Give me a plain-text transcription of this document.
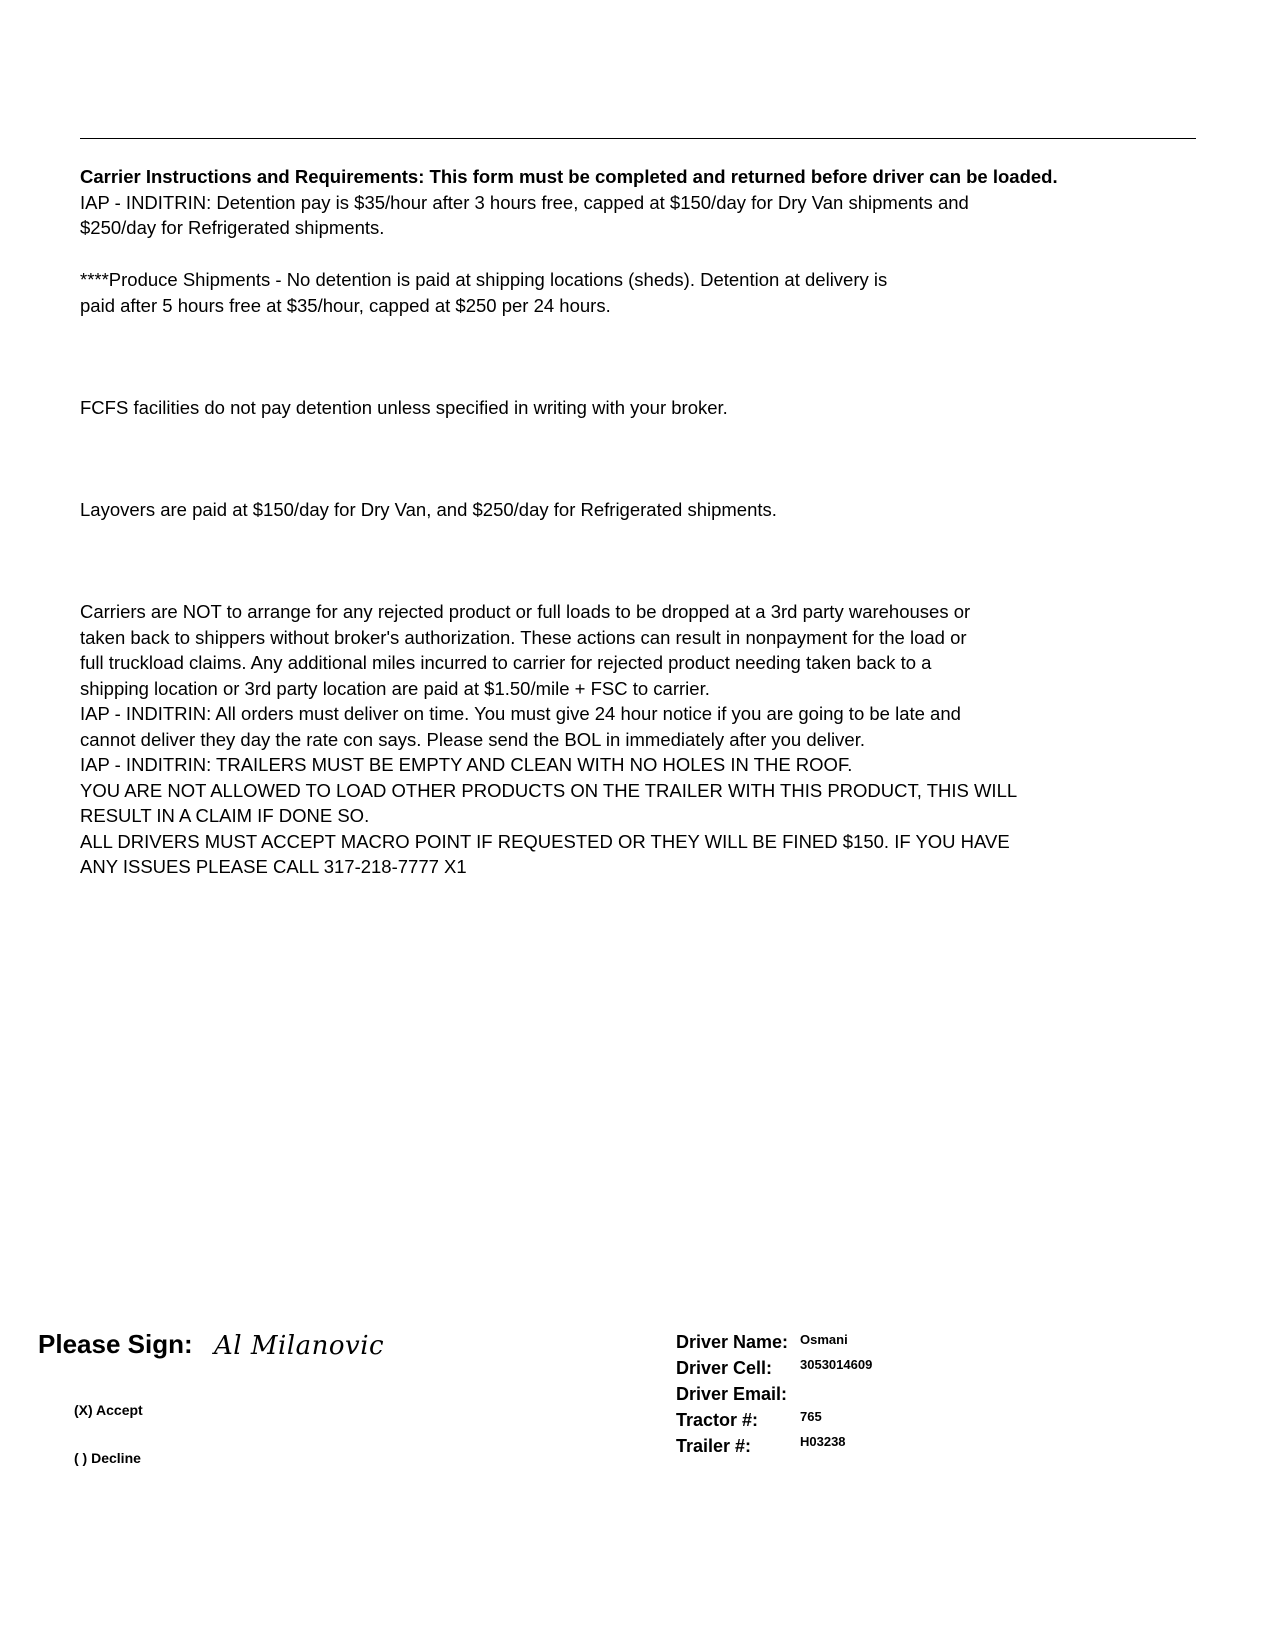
Carrier Instructions and Requirements: This form must be completed and returned before driver can be loaded.
IAP - INDITRIN: Detention pay is $35/hour after 3 hours free, capped at $150/day for Dry Van shipments and
$250/day for Refrigerated shipments.
****Produce Shipments - No detention is paid at shipping locations (sheds). Detention at delivery is
paid after 5 hours free at $35/hour, capped at $250 per 24 hours.
FCFS facilities do not pay detention unless specified in writing with your broker.
Layovers are paid at $150/day for Dry Van, and $250/day for Refrigerated shipments.
Carriers are NOT to arrange for any rejected product or full loads to be dropped at a 3rd party warehouses or
taken back to shippers without broker's authorization. These actions can result in nonpayment for the load or
full truckload claims. Any additional miles incurred to carrier for rejected product needing taken back to a
shipping location or 3rd party location are paid at $1.50/mile + FSC to carrier.
IAP - INDITRIN: All orders must deliver on time. You must give 24 hour notice if you are going to be late and
cannot deliver they day the rate con says. Please send the BOL in immediately after you deliver.
IAP - INDITRIN: TRAILERS MUST BE EMPTY AND CLEAN WITH NO HOLES IN THE ROOF.
YOU ARE NOT ALLOWED TO LOAD OTHER PRODUCTS ON THE TRAILER WITH THIS PRODUCT, THIS WILL
RESULT IN A CLAIM IF DONE SO.
ALL DRIVERS MUST ACCEPT MACRO POINT IF REQUESTED OR THEY WILL BE FINED $150. IF YOU HAVE
ANY ISSUES PLEASE CALL 317-218-7777 X1
Please Sign: Al Milanovic
(X) Accept
( ) Decline
Driver Name: Osmani
Driver Cell: 3053014609
Driver Email:
Tractor #:	765
Trailer #:	H03238
